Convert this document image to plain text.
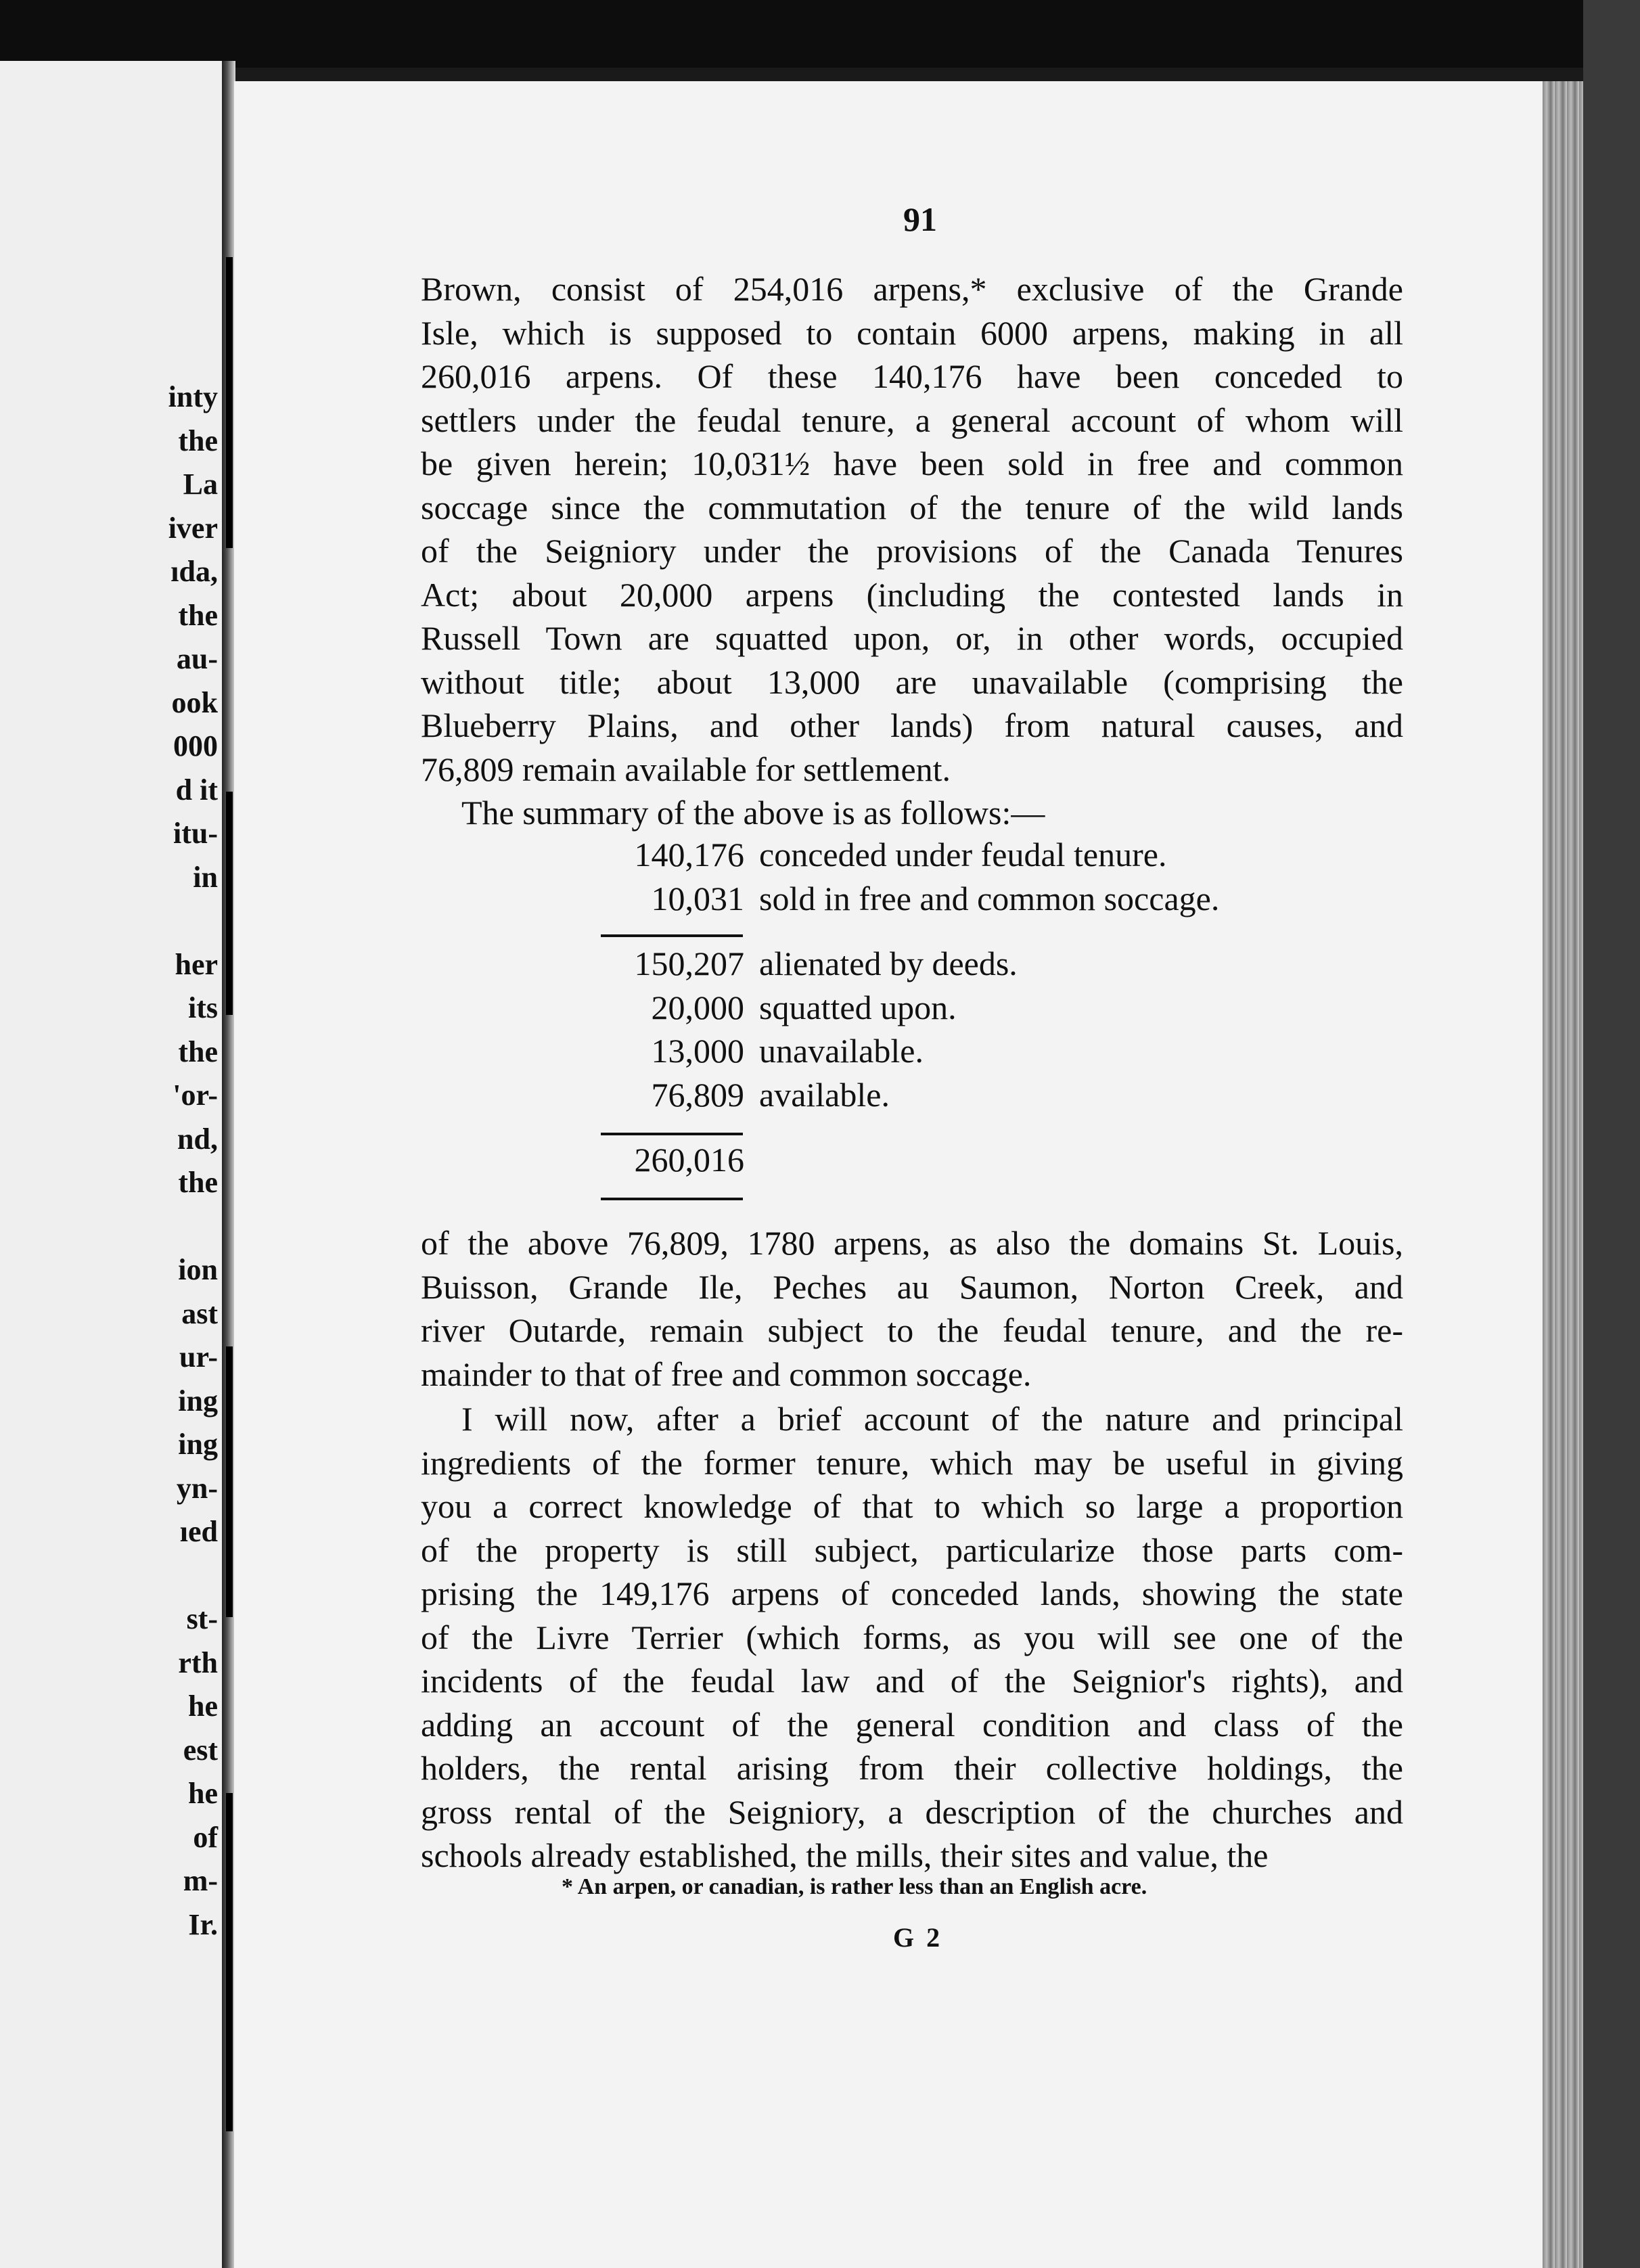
inty
the
La
iver
ıda,
the
au-
ook
000
d it
itu-
in
her
its
the
'or-
nd,
the
ion
ast
ur-
ing
ing
yn-
ıed
st-
rth
he
est
he
of
m-
Ir.
91
Brown, consist of 254,016 arpens,* exclusive of the Grande
Isle, which is supposed to contain 6000 arpens, making in all
260,016 arpens. Of these 140,176 have been conceded to
settlers under the feudal tenure, a general account of whom will
be given herein; 10,031½ have been sold in free and common
soccage since the commutation of the tenure of the wild lands
of the Seigniory under the provisions of the Canada Tenures
Act; about 20,000 arpens (including the contested lands in
Russell Town are squatted upon, or, in other words, occupied
without title; about 13,000 are unavailable (comprising the
Blueberry Plains, and other lands) from natural causes, and
76,809 remain available for settlement.
The summary of the above is as follows:—
140,176 conceded under feudal tenure.
10,031 sold in free and common soccage.
150,207 alienated by deeds.
20,000 squatted upon.
13,000 unavailable.
76,809 available.
260,016
of the above 76,809, 1780 arpens, as also the domains St. Louis,
Buisson, Grande Ile, Peches au Saumon, Norton Creek, and
river Outarde, remain subject to the feudal tenure, and the re-
mainder to that of free and common soccage.
I will now, after a brief account of the nature and principal
ingredients of the former tenure, which may be useful in giving
you a correct knowledge of that to which so large a proportion
of the property is still subject, particularize those parts com-
prising the 149,176 arpens of conceded lands, showing the state
of the Livre Terrier (which forms, as you will see one of the
incidents of the feudal law and of the Seignior's rights), and
adding an account of the general condition and class of the
holders, the rental arising from their collective holdings, the
gross rental of the Seigniory, a description of the churches and
schools already established, the mills, their sites and value, the
* An arpen, or canadian, is rather less than an English acre.
G 2
